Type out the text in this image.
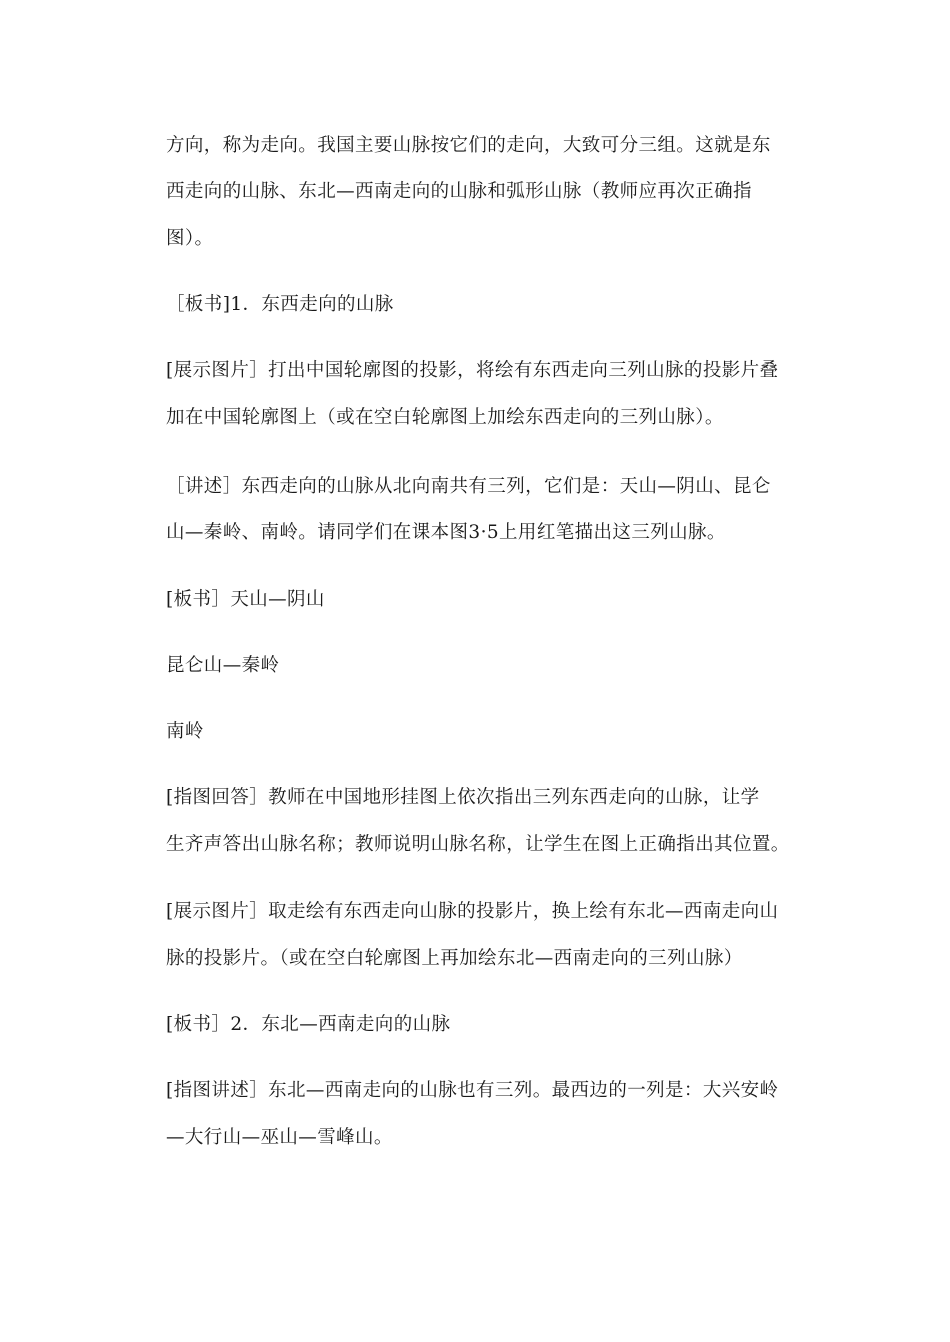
方向，称为走向。我国主要山脉按它们的走向，大致可分三组。这就是东
西走向的山脉、东北—西南走向的山脉和弧形山脉（教师应再次正确指
图）。
［板书]1．东西走向的山脉
[展示图片］打出中国轮廓图的投影，将绘有东西走向三列山脉的投影片叠
加在中国轮廓图上（或在空白轮廓图上加绘东西走向的三列山脉）。
［讲述］东西走向的山脉从北向南共有三列，它们是：天山—阴山、昆仑
山—秦岭、南岭。请同学们在课本图3·5上用红笔描出这三列山脉。
[板书］天山—阴山
昆仑山—秦岭
南岭
[指图回答］教师在中国地形挂图上依次指出三列东西走向的山脉，让学
生齐声答出山脉名称；教师说明山脉名称，让学生在图上正确指出其位置。
[展示图片］取走绘有东西走向山脉的投影片，换上绘有东北—西南走向山
脉的投影片。（或在空白轮廓图上再加绘东北—西南走向的三列山脉）
[板书］2．东北—西南走向的山脉
[指图讲述］东北—西南走向的山脉也有三列。最西边的一列是：大兴安岭
—大行山—巫山—雪峰山。
